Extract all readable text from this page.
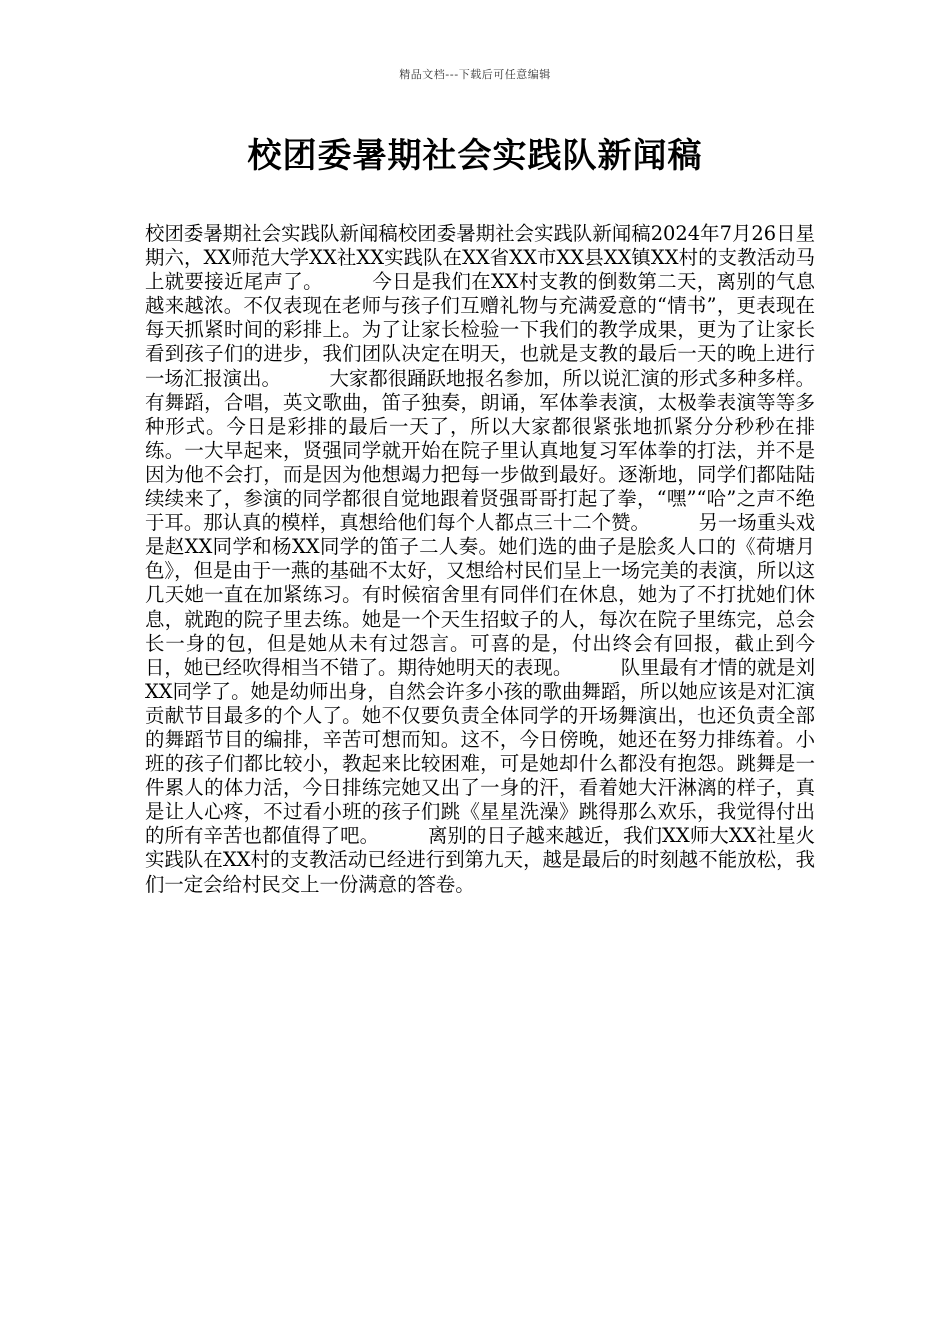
精品文档---下载后可任意编辑
校团委暑期社会实践队新闻稿

校团委暑期社会实践队新闻稿校团委暑期社会实践队新闻稿2024年7月26日星期六，XX师范大学XX社XX实践队在XX省XX市XX县XX镇XX村的支教活动马上就要接近尾声了。　　　今日是我们在XX村支教的倒数第二天，离别的气息越来越浓。不仅表现在老师与孩子们互赠礼物与充满爱意的“情书”，更表现在每天抓紧时间的彩排上。为了让家长检验一下我们的教学成果，更为了让家长看到孩子们的进步，我们团队决定在明天，也就是支教的最后一天的晚上进行一场汇报演出。　　　大家都很踊跃地报名参加，所以说汇演的形式多种多样。有舞蹈，合唱，英文歌曲，笛子独奏，朗诵，军体拳表演，太极拳表演等等多种形式。今日是彩排的最后一天了，所以大家都很紧张地抓紧分分秒秒在排练。一大早起来，贤强同学就开始在院子里认真地复习军体拳的打法，并不是因为他不会打，而是因为他想竭力把每一步做到最好。逐渐地，同学们都陆陆续续来了，参演的同学都很自觉地跟着贤强哥哥打起了拳，“嘿”“哈”之声不绝于耳。那认真的模样，真想给他们每个人都点三十二个赞。　　　另一场重头戏是赵XX同学和杨XX同学的笛子二人奏。她们选的曲子是脍炙人口的《荷塘月色》，但是由于一燕的基础不太好，又想给村民们呈上一场完美的表演，所以这几天她一直在加紧练习。有时候宿舍里有同伴们在休息，她为了不打扰她们休息，就跑的院子里去练。她是一个天生招蚊子的人，每次在院子里练完，总会长一身的包，但是她从未有过怨言。可喜的是，付出终会有回报，截止到今日，她已经吹得相当不错了。期待她明天的表现。　　　队里最有才情的就是刘XX同学了。她是幼师出身，自然会许多小孩的歌曲舞蹈，所以她应该是对汇演贡献节目最多的个人了。她不仅要负责全体同学的开场舞演出，也还负责全部的舞蹈节目的编排，辛苦可想而知。这不，今日傍晚，她还在努力排练着。小班的孩子们都比较小，教起来比较困难，可是她却什么都没有抱怨。跳舞是一件累人的体力活，今日排练完她又出了一身的汗，看着她大汗淋漓的样子，真是让人心疼，不过看小班的孩子们跳《星星洗澡》跳得那么欢乐，我觉得付出的所有辛苦也都值得了吧。　　　离别的日子越来越近，我们XX师大XX社星火实践队在XX村的支教活动已经进行到第九天，越是最后的时刻越不能放松，我们一定会给村民交上一份满意的答卷。
